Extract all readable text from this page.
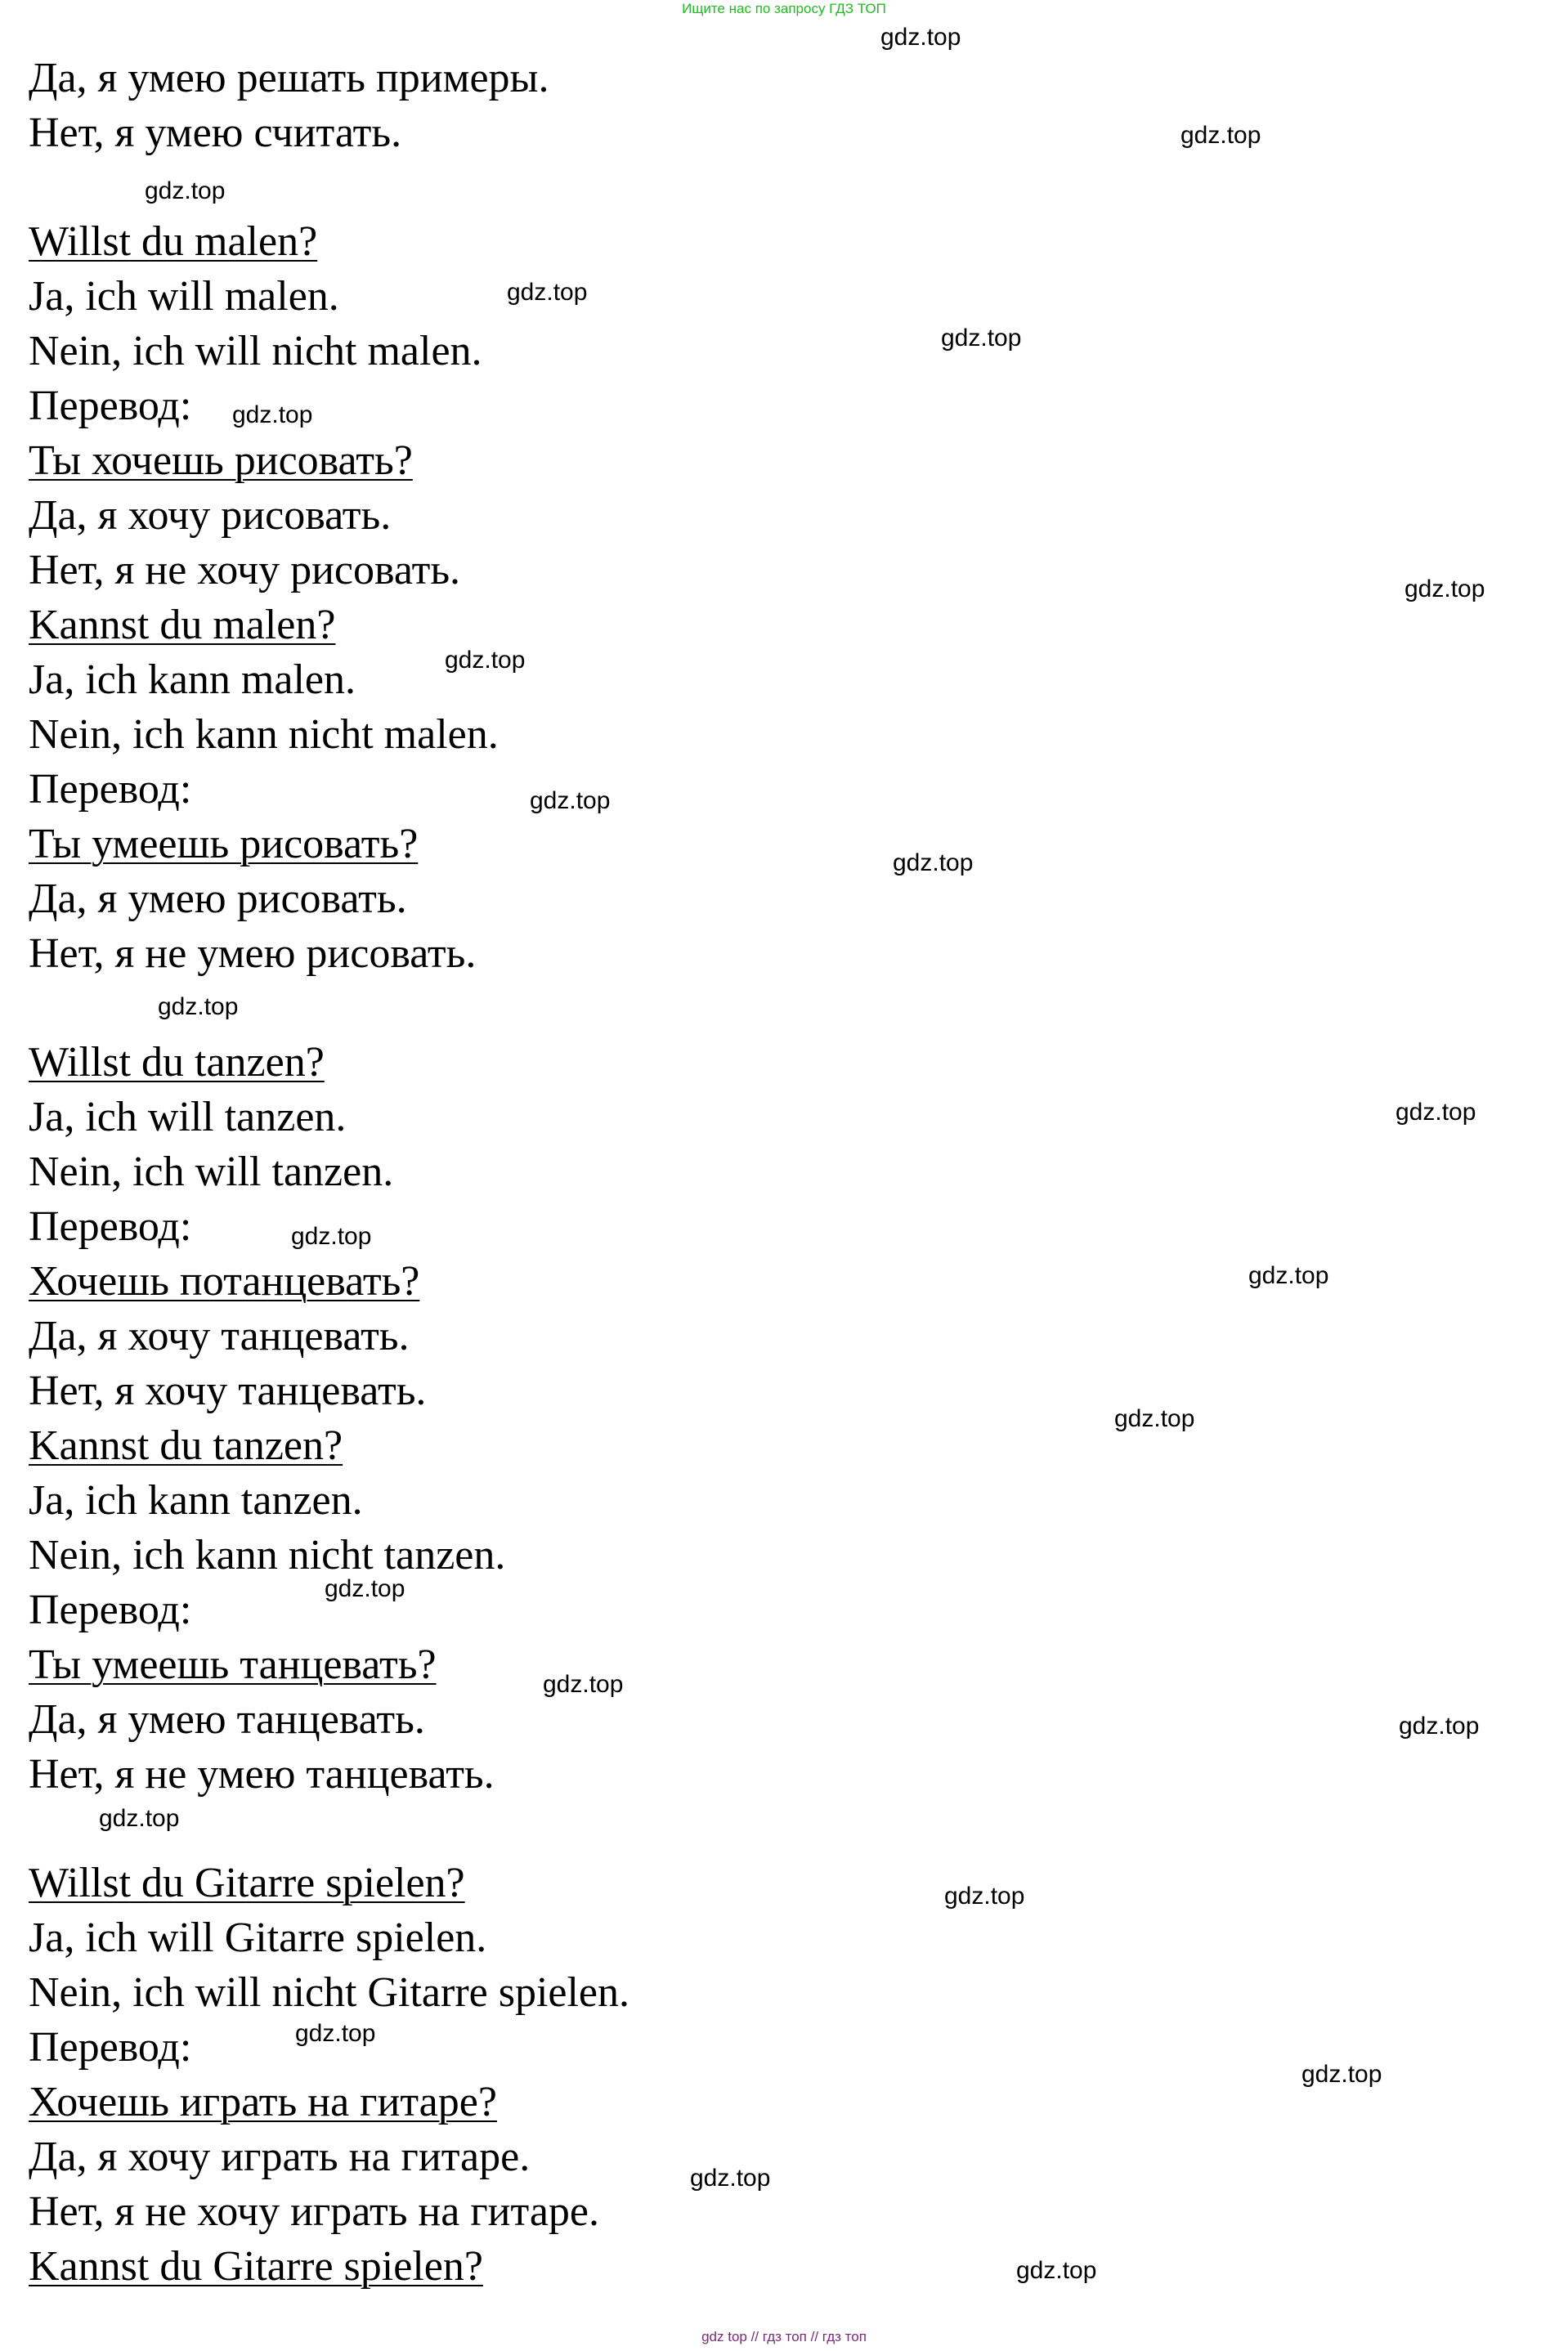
Ищите нас по запросу ГДЗ ТОП
Да, я умею решать примеры.
Нет, я умею считать.
Willst du malen?
Ja, ich will malen.
Nein, ich will nicht malen.
Перевод:
Ты хочешь рисовать?
Да, я хочу рисовать.
Нет, я не хочу рисовать.
Kannst du malen?
Ja, ich kann malen.
Nein, ich kann nicht malen.
Перевод:
Ты умеешь рисовать?
Да, я умею рисовать.
Нет, я не умею рисовать.
Willst du tanzen?
Ja, ich will tanzen.
Nein, ich will tanzen.
Перевод:
Хочешь потанцевать?
Да, я хочу танцевать.
Нет, я хочу танцевать.
Kannst du tanzen?
Ja, ich kann tanzen.
Nein, ich kann nicht tanzen.
Перевод:
Ты умеешь танцевать?
Да, я умею танцевать.
Нет, я не умею танцевать.
Willst du Gitarre spielen?
Ja, ich will Gitarre spielen.
Nein, ich will nicht Gitarre spielen.
Перевод:
Хочешь играть на гитаре?
Да, я хочу играть на гитаре.
Нет, я не хочу играть на гитаре.
Kannst du Gitarre spielen?
gdz.top
gdz.top
gdz.top
gdz.top
gdz.top
gdz.top
gdz.top
gdz.top
gdz.top
gdz.top
gdz.top
gdz.top
gdz.top
gdz.top
gdz.top
gdz.top
gdz.top
gdz.top
gdz.top
gdz.top
gdz.top
gdz.top
gdz.top
gdz.top
gdz top // гдз топ // гдз топ
